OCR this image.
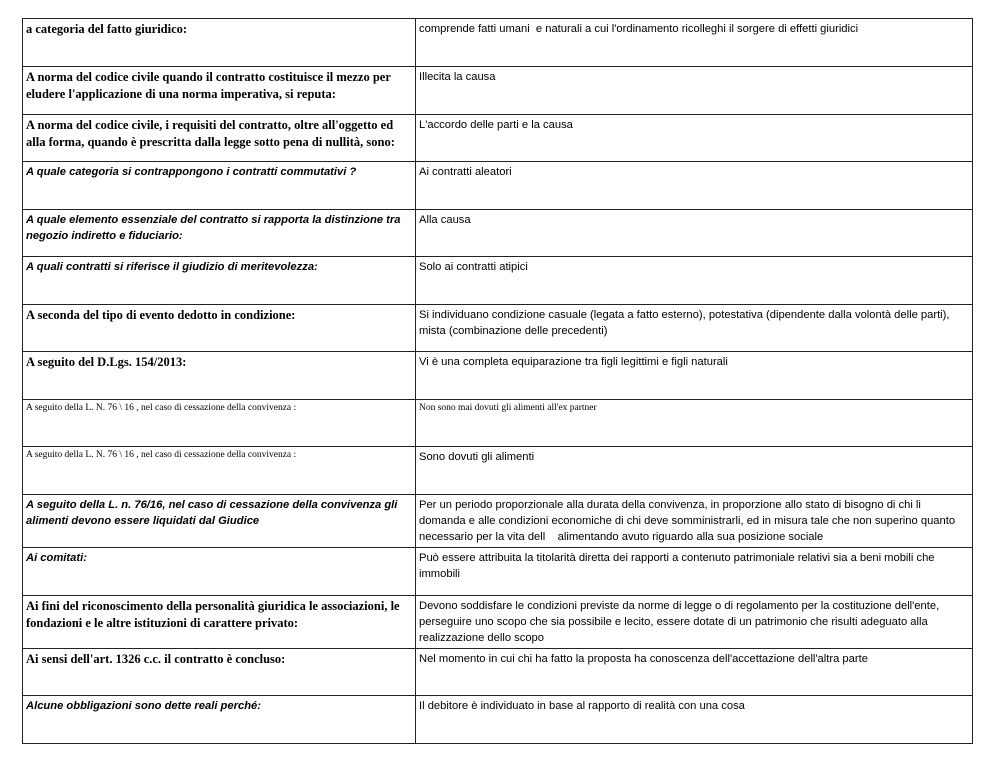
a categoria del fatto giuridico:	comprende fatti umani  e naturali a cui l'ordinamento ricolleghi il sorgere di effetti giuridici

A norma del codice civile quando il contratto costituisce il mezzo per eludere l'applicazione di una norma imperativa, si reputa:	Illecita la causa

A norma del codice civile, i requisiti del contratto, oltre all'oggetto ed alla forma, quando è prescritta dalla legge sotto pena di nullità, sono:	L'accordo delle parti e la causa

A quale categoria si contrappongono i contratti commutativi ?	Ai contratti aleatori

A quale elemento essenziale del contratto si rapporta la distinzione tra negozio indiretto e fiduciario:	Alla causa

A quali contratti si riferisce il giudizio di meritevolezza:	Solo ai contratti atipici

A seconda del tipo di evento dedotto in condizione:	Si individuano condizione casuale (legata a fatto esterno), potestativa (dipendente dalla volontà delle parti), mista (combinazione delle precedenti)

A seguito del D.Lgs. 154/2013:	Vi è una completa equiparazione tra figli legittimi e figli naturali

A seguito della L. N. 76 \ 16 , nel caso di cessazione della convivenza :	Non sono mai dovuti gli alimenti all'ex partner

A seguito della L. N. 76 \ 16 , nel caso di cessazione della convivenza :	Sono dovuti gli alimenti

A seguito della L. n. 76/16, nel caso di cessazione della convivenza gli alimenti devono essere liquidati dal Giudice	Per un periodo proporzionale alla durata della convivenza, in proporzione allo stato di bisogno di chi li domanda e alle condizioni economiche di chi deve somministrarli, ed in misura tale che non superino quanto necessario per la vita dell    alimentando avuto riguardo alla sua posizione sociale

Ai comitati:	Può essere attribuita la titolarità diretta dei rapporti a contenuto patrimoniale relativi sia a beni mobili che immobili

Ai fini del riconoscimento della personalità giuridica le associazioni, le fondazioni e le altre istituzioni di carattere privato:	Devono soddisfare le condizioni previste da norme di legge o di regolamento per la costituzione dell'ente, perseguire uno scopo che sia possibile e lecito, essere dotate di un patrimonio che risulti adeguato alla realizzazione dello scopo

Ai sensi dell'art. 1326 c.c. il contratto è concluso:	Nel momento in cui chi ha fatto la proposta ha conoscenza dell'accettazione dell'altra parte

Alcune obbligazioni sono dette reali perché:	Il debitore è individuato in base al rapporto di realità con una cosa
